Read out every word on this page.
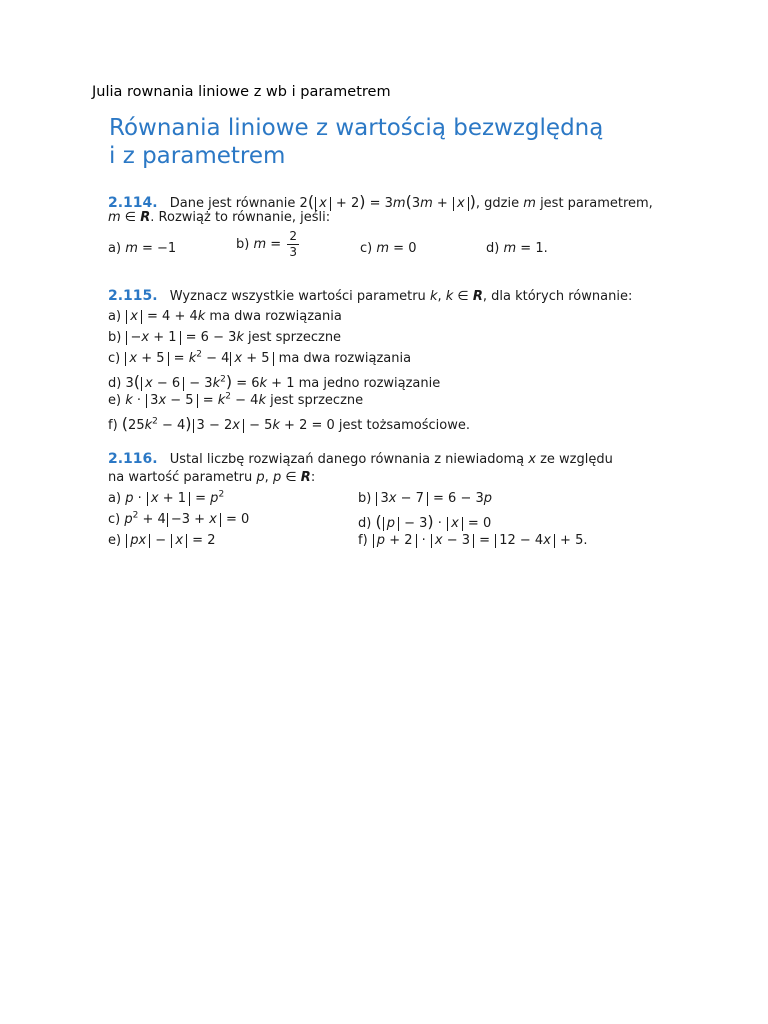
Julia rownania liniowe z wb i parametrem
Równania liniowe z wartością bezwzględną
i z parametrem
2.114. Dane jest równanie 2( x + 2) = 3m(3m + x ), gdzie m jest parametrem,
m ∈ R. Rozwiąż to równanie, jeśli:
a) m = −1	b) $m = \frac{2}{3}$	c) m = 0	d) m = 1.
2.115. Wyznacz wszystkie wartości parametru k, k ∈ R, dla których równanie:
a) x = 4 + 4k ma dwa rozwiązania
b) −x + 1 = 6 − 3k jest sprzeczne
c) $x + 5 = k^2 - 4$ x + 5 ma dwa rozwiązania
d) 3( $x - 6 - 3k^2) = 6k + 1$ ma jedno rozwiązanie
e) $k \cdot 3x - 5 = k^2 - 4k$ jest sprzeczne
f) $(25k^2 - 4) 3 - 2x - 5k + 2 = 0$ jest tożsamościowe.
2.116. Ustal liczbę rozwiązań danego równania z niewiadomą x ze względu
na wartość parametru p, p ∈ R:
a) $p \cdot x + 1 = p^2$	b) 3x − 7 = 6 − 3p
c) $p^2 + 4 -3 + x = 0$	d) ( p − 3) · x = 0
e) px − x = 2	f) p + 2 · x − 3 = 12 − 4x + 5.
